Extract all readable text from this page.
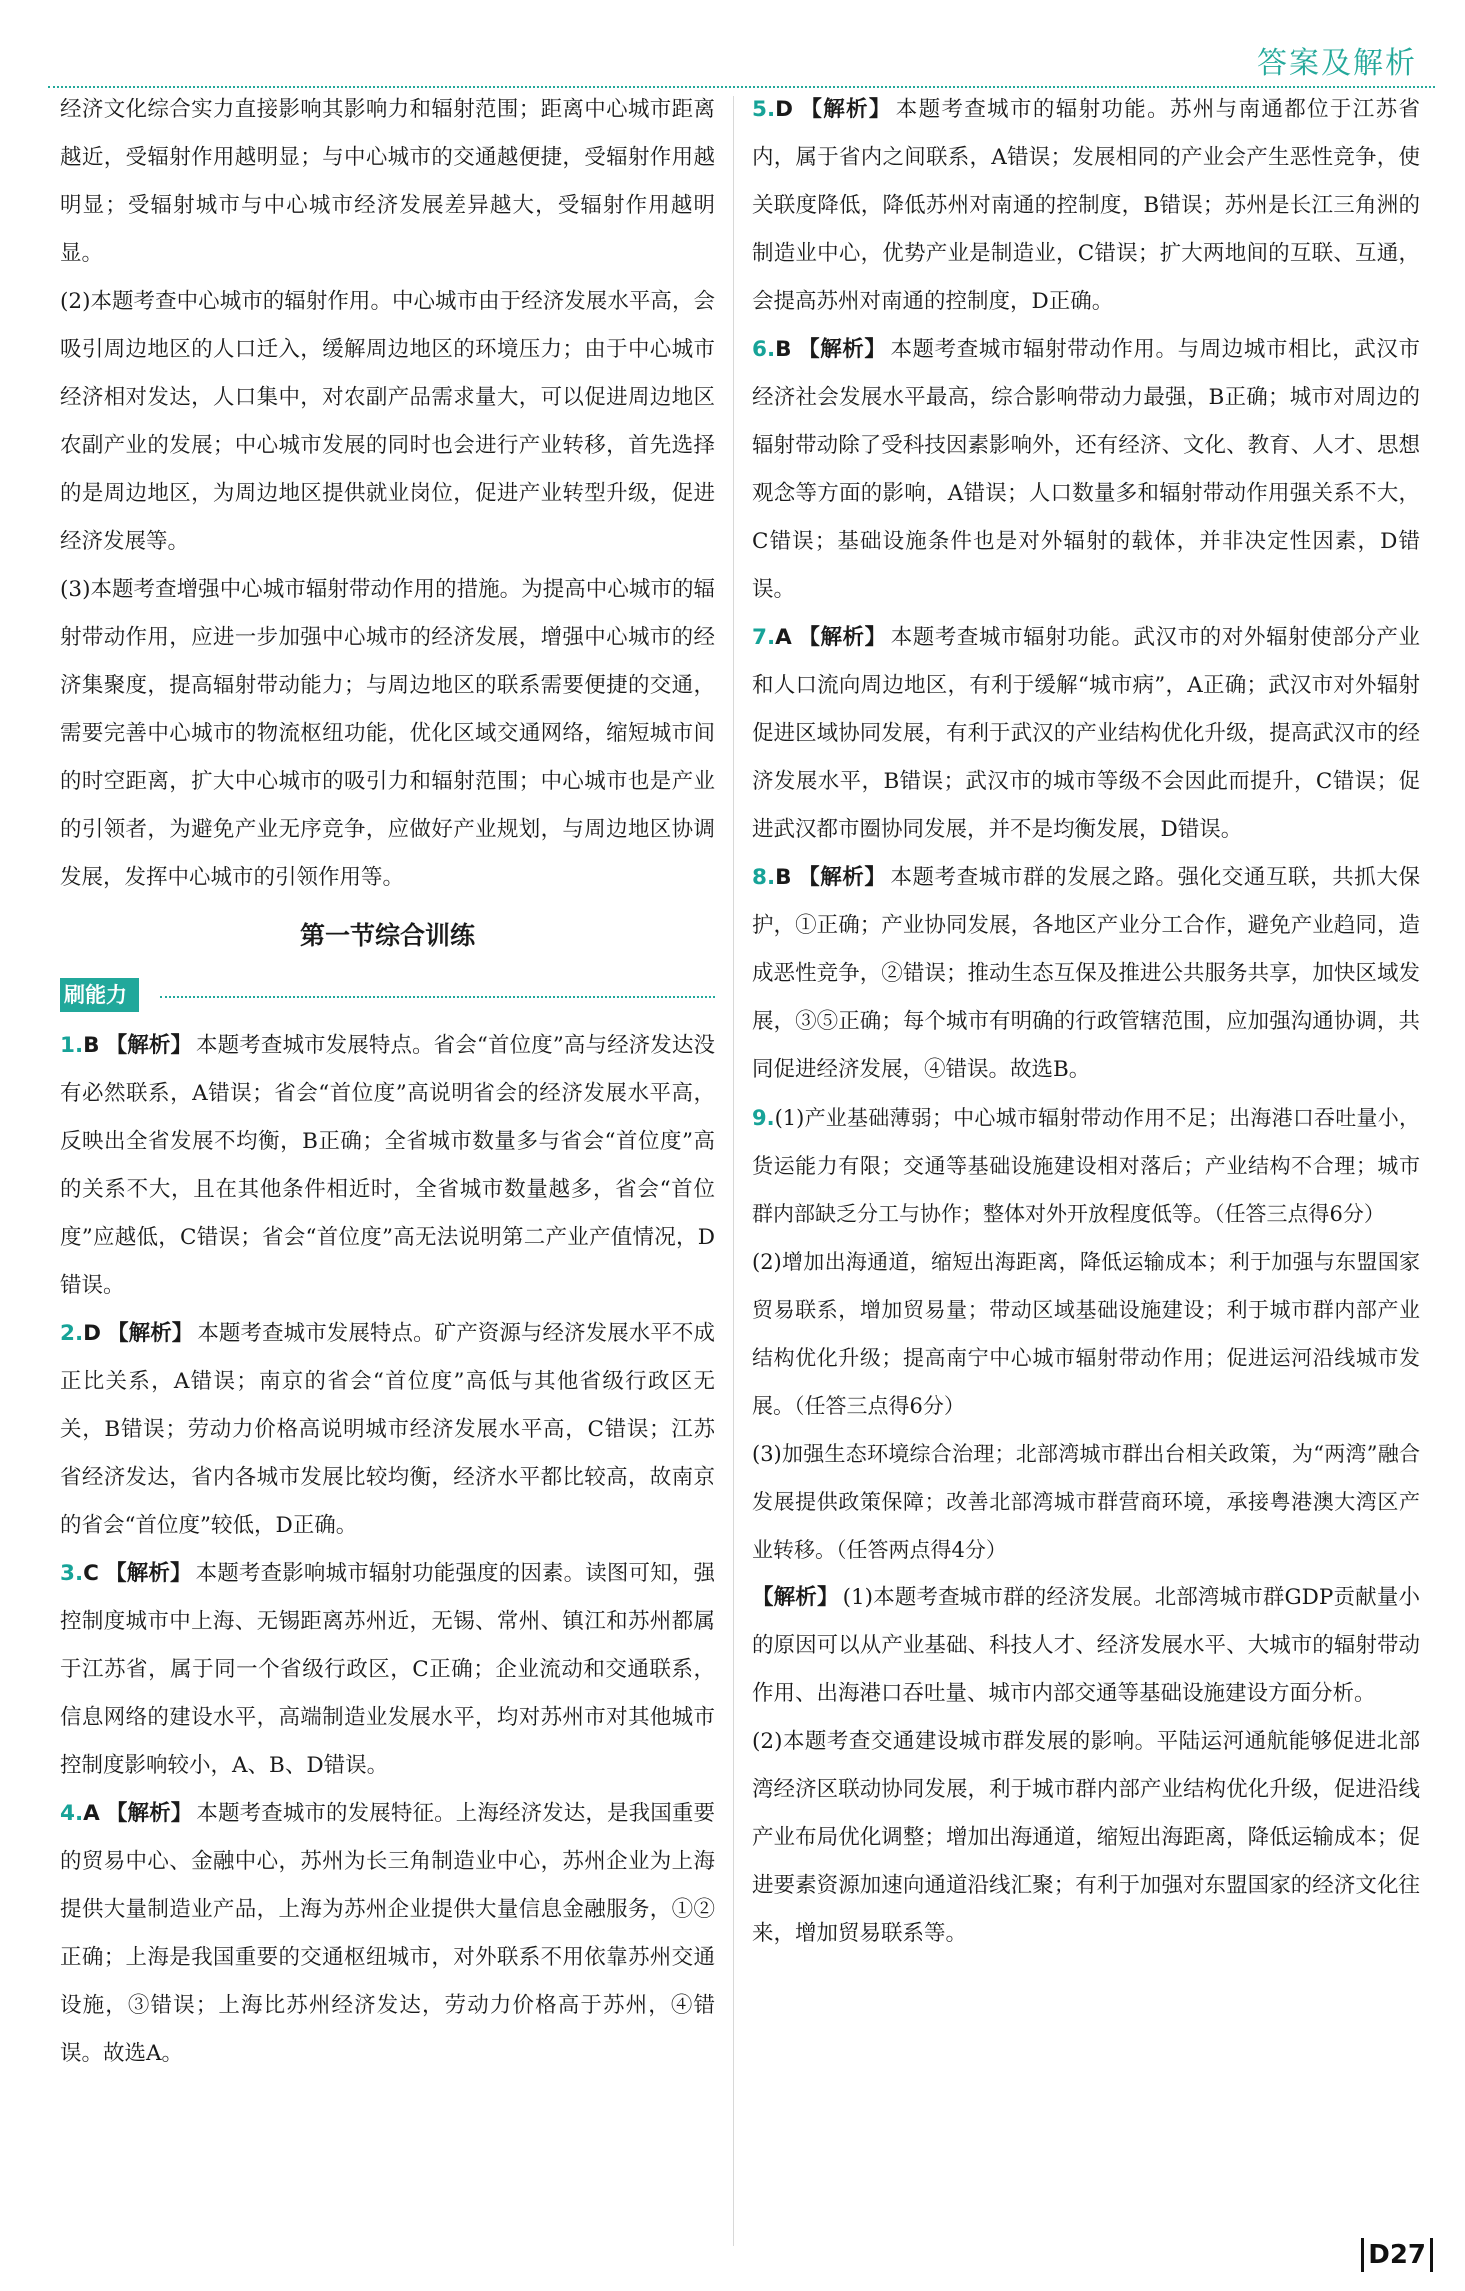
答案及解析

经济文化综合实力直接影响其影响力和辐射范围；距离中心城市距离越近，受辐射作用越明显；与中心城市的交通越便捷，受辐射作用越明显；受辐射城市与中心城市经济发展差异越大，受辐射作用越明显。

(2)本题考查中心城市的辐射作用。中心城市由于经济发展水平高，会吸引周边地区的人口迁入，缓解周边地区的环境压力；由于中心城市经济相对发达，人口集中，对农副产品需求量大，可以促进周边地区农副产业的发展；中心城市发展的同时也会进行产业转移，首先选择的是周边地区，为周边地区提供就业岗位，促进产业转型升级，促进经济发展等。

(3)本题考查增强中心城市辐射带动作用的措施。为提高中心城市的辐射带动作用，应进一步加强中心城市的经济发展，增强中心城市的经济集聚度，提高辐射带动能力；与周边地区的联系需要便捷的交通，需要完善中心城市的物流枢纽功能，优化区域交通网络，缩短城市间的时空距离，扩大中心城市的吸引力和辐射范围；中心城市也是产业的引领者，为避免产业无序竞争，应做好产业规划，与周边地区协调发展，发挥中心城市的引领作用等。

第一节综合训练
刷能力

1.B 【解析】 本题考查城市发展特点。省会“首位度”高与经济发达没有必然联系，A错误；省会“首位度”高说明省会的经济发展水平高，反映出全省发展不均衡，B正确；全省城市数量多与省会“首位度”高的关系不大，且在其他条件相近时，全省城市数量越多，省会“首位度”应越低，C错误；省会“首位度”高无法说明第二产业产值情况，D错误。

2.D 【解析】 本题考查城市发展特点。矿产资源与经济发展水平不成正比关系，A错误；南京的省会“首位度”高低与其他省级行政区无关，B错误；劳动力价格高说明城市经济发展水平高，C错误；江苏省经济发达，省内各城市发展比较均衡，经济水平都比较高，故南京的省会“首位度”较低，D正确。

3.C 【解析】 本题考查影响城市辐射功能强度的因素。读图可知，强控制度城市中上海、无锡距离苏州近，无锡、常州、镇江和苏州都属于江苏省，属于同一个省级行政区，C正确；企业流动和交通联系，信息网络的建设水平，高端制造业发展水平，均对苏州市对其他城市控制度影响较小，A、B、D错误。

4.A 【解析】 本题考查城市的发展特征。上海经济发达，是我国重要的贸易中心、金融中心，苏州为长三角制造业中心，苏州企业为上海提供大量制造业产品，上海为苏州企业提供大量信息金融服务，①②正确；上海是我国重要的交通枢纽城市，对外联系不用依靠苏州交通设施，③错误；上海比苏州经济发达，劳动力价格高于苏州，④错误。故选A。

5.D 【解析】 本题考查城市的辐射功能。苏州与南通都位于江苏省内，属于省内之间联系，A错误；发展相同的产业会产生恶性竞争，使关联度降低，降低苏州对南通的控制度，B错误；苏州是长江三角洲的制造业中心，优势产业是制造业，C错误；扩大两地间的互联、互通，会提高苏州对南通的控制度，D正确。

6.B 【解析】 本题考查城市辐射带动作用。与周边城市相比，武汉市经济社会发展水平最高，综合影响带动力最强，B正确；城市对周边的辐射带动除了受科技因素影响外，还有经济、文化、教育、人才、思想观念等方面的影响，A错误；人口数量多和辐射带动作用强关系不大，C错误；基础设施条件也是对外辐射的载体，并非决定性因素，D错误。

7.A 【解析】 本题考查城市辐射功能。武汉市的对外辐射使部分产业和人口流向周边地区，有利于缓解“城市病”，A正确；武汉市对外辐射促进区域协同发展，有利于武汉的产业结构优化升级，提高武汉市的经济发展水平，B错误；武汉市的城市等级不会因此而提升，C错误；促进武汉都市圈协同发展，并不是均衡发展，D错误。

8.B 【解析】 本题考查城市群的发展之路。强化交通互联，共抓大保护，①正确；产业协同发展，各地区产业分工合作，避免产业趋同，造成恶性竞争，②错误；推动生态互保及推进公共服务共享，加快区域发展，③⑤正确；每个城市有明确的行政管辖范围，应加强沟通协调，共同促进经济发展，④错误。故选B。

9.(1)产业基础薄弱；中心城市辐射带动作用不足；出海港口吞吐量小，货运能力有限；交通等基础设施建设相对落后；产业结构不合理；城市群内部缺乏分工与协作；整体对外开放程度低等。（任答三点得6分）

(2)增加出海通道，缩短出海距离，降低运输成本；利于加强与东盟国家贸易联系，增加贸易量；带动区域基础设施建设；利于城市群内部产业结构优化升级；提高南宁中心城市辐射带动作用；促进运河沿线城市发展。（任答三点得6分）

(3)加强生态环境综合治理；北部湾城市群出台相关政策，为“两湾”融合发展提供政策保障；改善北部湾城市群营商环境，承接粤港澳大湾区产业转移。（任答两点得4分）

【解析】 (1)本题考查城市群的经济发展。北部湾城市群GDP贡献量小的原因可以从产业基础、科技人才、经济发展水平、大城市的辐射带动作用、出海港口吞吐量、城市内部交通等基础设施建设方面分析。

(2)本题考查交通建设城市群发展的影响。平陆运河通航能够促进北部湾经济区联动协同发展，利于城市群内部产业结构优化升级，促进沿线产业布局优化调整；增加出海通道，缩短出海距离，降低运输成本；促进要素资源加速向通道沿线汇聚；有利于加强对东盟国家的经济文化往来，增加贸易联系等。

D27
